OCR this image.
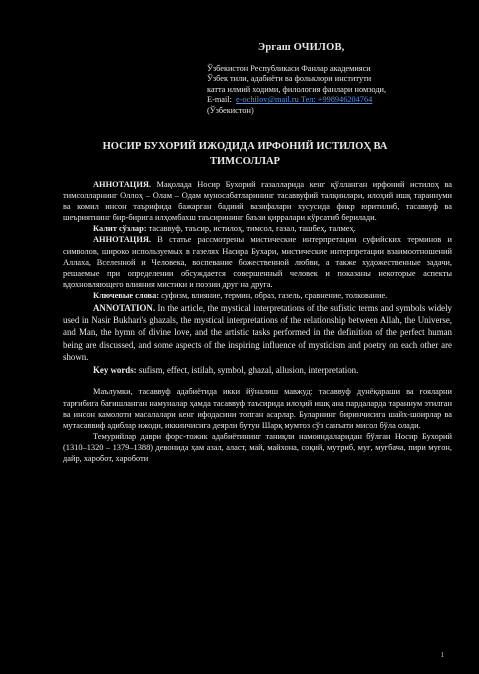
Эргаш ОЧИЛОВ,
Ўзбекистон Республикаси Фанлар академияси
Ўзбек тили, адабиёти ва фольклори институти
катта илмий ходими, филология фанлари номзоди,
E-mail: e-ochilov@mail.ru Тел: +998946204764
(Ўзбекистон)
НОСИР БУХОРИЙ ИЖОДИДА ИРФОНИЙ ИСТИЛОҲ ВА
ТИМСОЛЛАР

АННОТАЦИЯ. Мақолада Носир Бухорий ғазалларида кенг қўлланган ирфоний истилоҳ ва тимсолларнинг Оллоҳ – Олам – Одам муносабатларининг тасаввуфий талқинлари, илоҳий ишқ тараннуми ва комил инсон таърифида бажарган бадиий вазифалари хусусида фикр юритилиб, тасаввуф ва шеъриятнинг бир-бирига илҳомбахш таъсирининг баъзи қирралари кўрсатиб берилади.

Калит сўзлар: тасаввуф, таъсир, истилоҳ, тимсол, ғазал, ташбеҳ, талмеҳ.

АННОТАЦИЯ. В статье рассмотрены мистические интерпретации суфийских терминов и символов, широко используемых в газелях Насира Бухари, мистические интерпретации взаимоотношений Аллаха, Вселенной и Человека, воспевание божественной любви, а также художественные задачи, решаемые при определении обсуждается совершенный человек и показаны некоторые аспекты вдохновляющего влияния мистики и поэзии друг на друга.

Ключевые слова: суфизм, влияние, термин, образ, газель, сравнение, толкование.

ANNOTATION. In the article, the mystical interpretations of the sufistic terms and symbols widely used in Nasir Bukhari's ghazals, the mystical interpretations of the relationship between Allah, the Universe, and Man, the hymn of divine love, and the artistic tasks performed in the definition of the perfect human being are discussed, and some aspects of the inspiring influence of mysticism and poetry on each other are shown.

Key words: sufism, effect, istilah, symbol, ghazal, allusion, interpretation.

Маълумки, тасаввуф адабиётида икки йўналиш мавжуд: тасаввуф дунёқараши ва ғояларни тарғибига бағишланган намуналар ҳамда тасаввуф таъсирида илоҳий ишқ ана пардаларда тараннум этилган ва инсон камолоти масалалари кенг ифодасини топган асарлар. Буларнинг биринчисига шайх-шоирлар ва мутасаввиф адиблар ижоди, иккинчисига деярли бутун Шарқ мумтоз сўз санъати мисол бўла олади.

Темурийлар даври форс-тожик адабиётининг таниқли намояндаларидан бўлган Носир Бухорий (1310–1320 – 1379–1388) девонида ҳам азал, аласт, май, майхона, соқий, мутриб, муғ, муғбача, пири муғон, дайр, харобот, хароботи

1
